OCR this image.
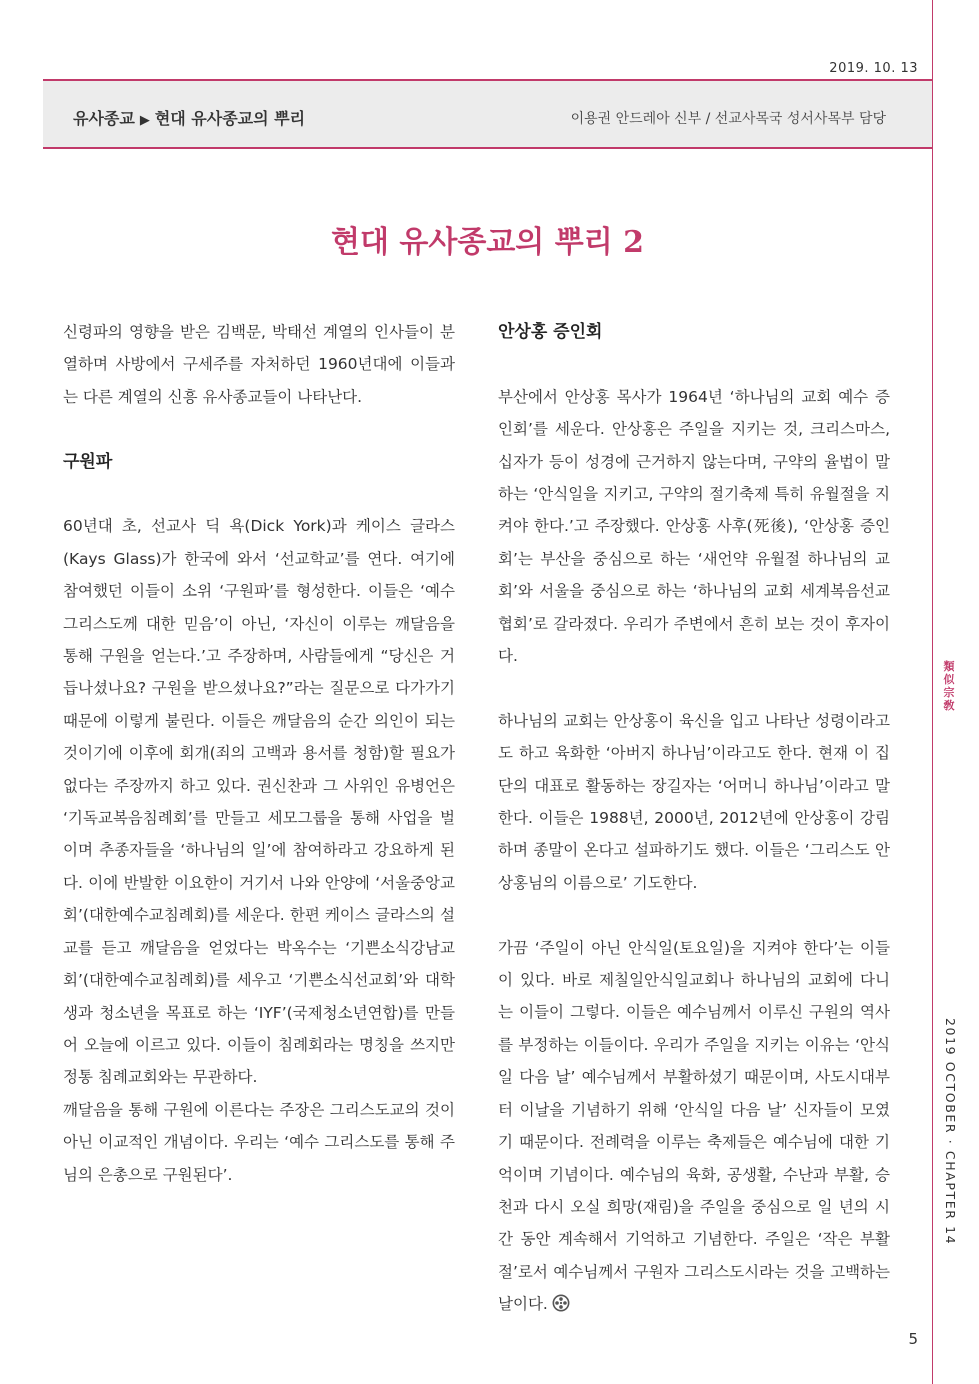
2019. 10. 13
유사종교 ▶ 현대 유사종교의 뿌리	이용권 안드레아 신부 / 선교사목국 성서사목부 담당
현대 유사종교의 뿌리 2

신령파의 영향을 받은 김백문, 박태선 계열의 인사들이 분열하며 사방에서 구세주를 자처하던 1960년대에 이들과는 다른 계열의 신흥 유사종교들이 나타난다.

구원파

60년대 초, 선교사 딕 욕(Dick York)과 케이스 글라스(Kays Glass)가 한국에 와서 ‘선교학교’를 연다. 여기에 참여했던 이들이 소위 ‘구원파’를 형성한다. 이들은 ‘예수 그리스도께 대한 믿음’이 아닌, ‘자신이 이루는 깨달음을 통해 구원을 얻는다.’고 주장하며, 사람들에게 “당신은 거듭나셨나요? 구원을 받으셨나요?”라는 질문으로 다가가기 때문에 이렇게 불린다. 이들은 깨달음의 순간 의인이 되는 것이기에 이후에 회개(죄의 고백과 용서를 청함)할 필요가 없다는 주장까지 하고 있다. 권신찬과 그 사위인 유병언은 ‘기독교복음침례회’를 만들고 세모그룹을 통해 사업을 벌이며 추종자들을 ‘하나님의 일’에 참여하라고 강요하게 된다. 이에 반발한 이요한이 거기서 나와 안양에 ‘서울중앙교회’(대한예수교침례회)를 세운다. 한편 케이스 글라스의 설교를 듣고 깨달음을 얻었다는 박옥수는 ‘기쁜소식강남교회’(대한예수교침례회)를 세우고 ‘기쁜소식선교회’와 대학생과 청소년을 목표로 하는 ‘IYF’(국제청소년연합)를 만들어 오늘에 이르고 있다. 이들이 침례회라는 명칭을 쓰지만 정통 침례교회와는 무관하다.

깨달음을 통해 구원에 이른다는 주장은 그리스도교의 것이 아닌 이교적인 개념이다. 우리는 ‘예수 그리스도를 통해 주님의 은총으로 구원된다’.

안상홍 증인회

부산에서 안상홍 목사가 1964년 ‘하나님의 교회 예수 증인회’를 세운다. 안상홍은 주일을 지키는 것, 크리스마스, 십자가 등이 성경에 근거하지 않는다며, 구약의 율법이 말하는 ‘안식일을 지키고, 구약의 절기축제 특히 유월절을 지켜야 한다.’고 주장했다. 안상홍 사후(死後), ‘안상홍 증인회’는 부산을 중심으로 하는 ‘새언약 유월절 하나님의 교회’와 서울을 중심으로 하는 ‘하나님의 교회 세계복음선교협회’로 갈라졌다. 우리가 주변에서 흔히 보는 것이 후자이다.

하나님의 교회는 안상홍이 육신을 입고 나타난 성령이라고도 하고 육화한 ‘아버지 하나님’이라고도 한다. 현재 이 집단의 대표로 활동하는 장길자는 ‘어머니 하나님’이라고 말한다. 이들은 1988년, 2000년, 2012년에 안상홍이 강림하며 종말이 온다고 설파하기도 했다. 이들은 ‘그리스도 안상홍님의 이름으로’ 기도한다.

가끔 ‘주일이 아닌 안식일(토요일)을 지켜야 한다’는 이들이 있다. 바로 제칠일안식일교회나 하나님의 교회에 다니는 이들이 그렇다. 이들은 예수님께서 이루신 구원의 역사를 부정하는 이들이다. 우리가 주일을 지키는 이유는 ‘안식일 다음 날’ 예수님께서 부활하셨기 때문이며, 사도시대부터 이날을 기념하기 위해 ‘안식일 다음 날’ 신자들이 모였기 때문이다. 전례력을 이루는 축제들은 예수님에 대한 기억이며 기념이다. 예수님의 육화, 공생활, 수난과 부활, 승천과 다시 오실 희망(재림)을 주일을 중심으로 일 년의 시간 동안 계속해서 기억하고 기념한다. 주일은 ‘작은 부활절’로서 예수님께서 구원자 그리스도시라는 것을 고백하는 날이다.

類
似
宗
敎
2019 OCTOBER · CHAPTER 14
5
